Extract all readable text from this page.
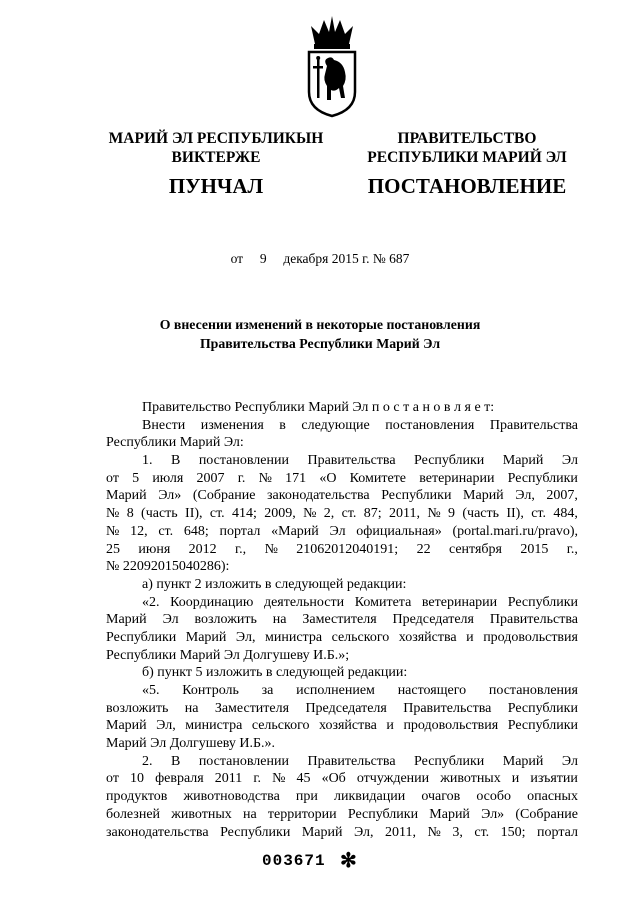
МАРИЙ ЭЛ РЕСПУБЛИКЫН
ВИКТЕРЖЕ
ПРАВИТЕЛЬСТВО
РЕСПУБЛИКИ МАРИЙ ЭЛ
ПУНЧАЛ	ПОСТАНОВЛЕНИЕ
от 9 декабря 2015 г. № 687
О внесении изменений в некоторые постановления
Правительства Республики Марий Эл
Правительство Республики Марий Эл п о с т а н о в л я е т:
Внести изменения в следующие постановления Правительства
Республики Марий Эл:
1. В постановлении Правительства Республики Марий Эл
от 5 июля 2007 г. № 171 «О Комитете ветеринарии Республики
Марий Эл» (Собрание законодательства Республики Марий Эл, 2007,
№ 8 (часть II), ст. 414; 2009, № 2, ст. 87; 2011, № 9 (часть II), ст. 484,
№ 12, ст. 648; портал «Марий Эл официальная» (portal.mari.ru/pravo),
25 июня 2012 г., № 21062012040191; 22 сентября 2015 г.,
№ 22092015040286):
а) пункт 2 изложить в следующей редакции:
«2. Координацию деятельности Комитета ветеринарии Республики
Марий Эл возложить на Заместителя Председателя Правительства
Республики Марий Эл, министра сельского хозяйства и продовольствия
Республики Марий Эл Долгушеву И.Б.»;
б) пункт 5 изложить в следующей редакции:
«5. Контроль за исполнением настоящего постановления
возложить на Заместителя Председателя Правительства Республики
Марий Эл, министра сельского хозяйства и продовольствия Республики
Марий Эл Долгушеву И.Б.».
2. В постановлении Правительства Республики Марий Эл
от 10 февраля 2011 г. № 45 «Об отчуждении животных и изъятии
продуктов животноводства при ликвидации очагов особо опасных
болезней животных на территории Республики Марий Эл» (Собрание
законодательства Республики Марий Эл, 2011, № 3, ст. 150; портал
003671 ✻
